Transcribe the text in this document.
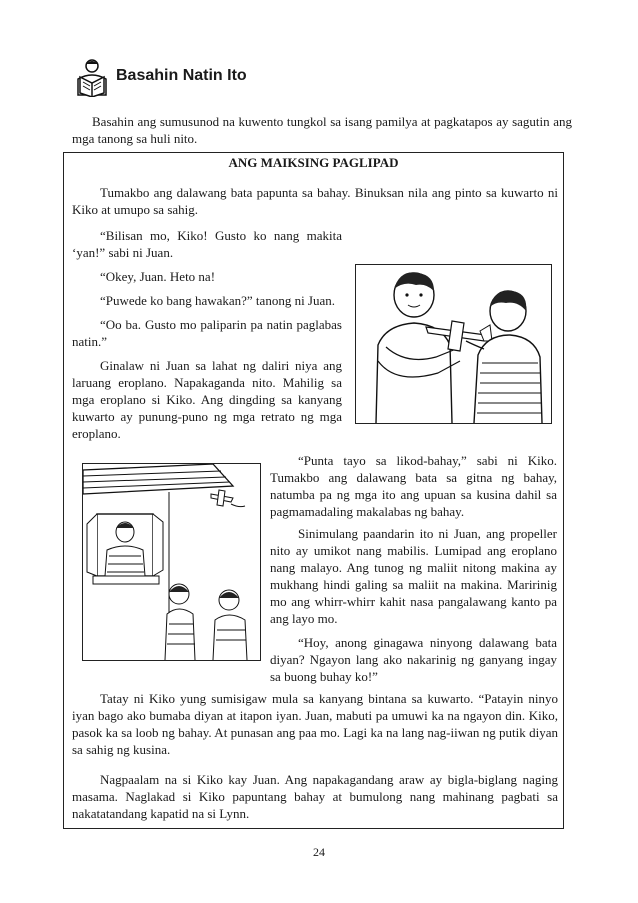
Basahin Natin Ito

Basahin ang sumusunod na kuwento tungkol sa isang pamilya at pagkatapos ay sagutin ang mga tanong sa huli nito.

ANG MAIKSING PAGLIPAD

Tumakbo ang dalawang bata papunta sa bahay. Binuksan nila ang pinto sa kuwarto ni Kiko at umupo sa sahig.

“Bilisan mo, Kiko! Gusto ko nang makita ‘yan!” sabi ni Juan.

“Okey, Juan. Heto na!

“Puwede ko bang hawakan?” tanong ni Juan.

“Oo ba. Gusto mo paliparin pa natin paglabas natin.”

Ginalaw ni Juan sa lahat ng daliri niya ang laruang eroplano. Napakaganda nito. Mahilig sa mga eroplano si Kiko. Ang dingding sa kanyang kuwarto ay punung-puno ng mga retrato ng mga eroplano.

“Punta tayo sa likod-bahay,” sabi ni Kiko. Tumakbo ang dalawang bata sa gitna ng bahay, natumba pa ng mga ito ang upuan sa kusina dahil sa pagmamadaling makalabas ng bahay.

Sinimulang paandarin ito ni Juan, ang propeller nito ay umikot nang mabilis. Lumipad ang eroplano nang malayo. Ang tunog ng maliit nitong makina ay mukhang hindi galing sa maliit na makina. Maririnig mo ang whirr-whirr kahit nasa pangalawang kanto pa ang layo mo.

“Hoy, anong ginagawa ninyong dalawang bata diyan? Ngayon lang ako nakarinig ng ganyang ingay sa buong buhay ko!”

Tatay ni Kiko yung sumisigaw mula sa kanyang bintana sa kuwarto. “Patayin ninyo iyan bago ako bumaba diyan at itapon iyan. Juan, mabuti pa umuwi ka na ngayon din. Kiko, pasok ka sa loob ng bahay. At punasan ang paa mo. Lagi ka na lang nag-iiwan ng putik diyan sa sahig ng kusina.

Nagpaalam na si Kiko kay Juan. Ang napakagandang araw ay bigla-biglang naging masama. Naglakad si Kiko papuntang bahay at bumulong nang mahinang pagbati sa nakatatandang kapatid na si Lynn.

24
